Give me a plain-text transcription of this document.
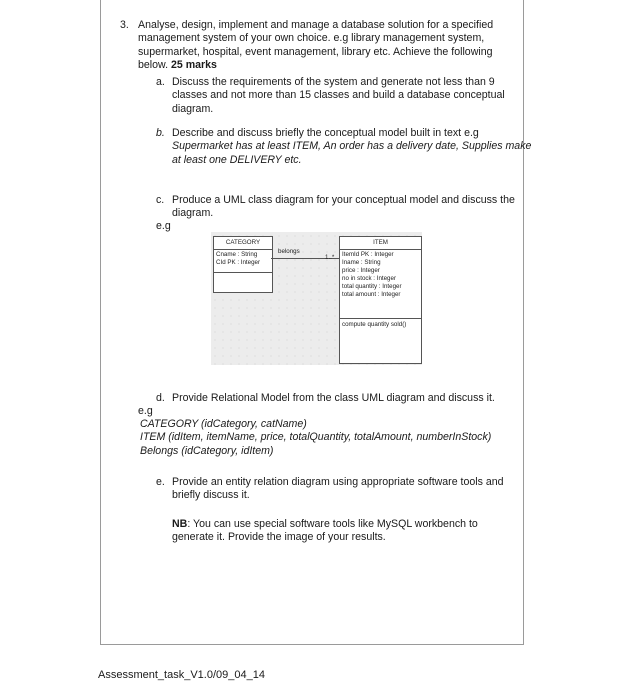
3. Analyse, design, implement and manage a database solution for a specified management system of your own choice. e.g library management system, supermarket, hospital, event management, library etc. Achieve the following below. 25 marks
a. Discuss the requirements of the system and generate not less than 9 classes and not more than 15 classes and build a database conceptual diagram.
b. Describe and discuss briefly the conceptual model built in text e.g
Supermarket has at least ITEM, An order has a delivery date, Supplies make at least one DELIVERY etc.
c. Produce a UML class diagram for your conceptual model and discuss the diagram.
e.g
CATEGORY
Cname : String
CId PK : Integer
ITEM
ItemId PK : Integer
Iname : String
price : Integer
no in stock : Integer
total quantity : Integer
total amount : Integer
compute quantity sold()
belongs
1..*
d. Provide Relational Model from the class UML diagram and discuss it.
e.g
CATEGORY (idCategory, catName)
ITEM (idItem, itemName, price, totalQuantity, totalAmount, numberInStock)
Belongs (idCategory, idItem)
e. Provide an entity relation diagram using appropriate software tools and briefly discuss it.
NB: You can use special software tools like MySQL workbench to generate it. Provide the image of your results.
Assessment_task_V1.0/09_04_14
